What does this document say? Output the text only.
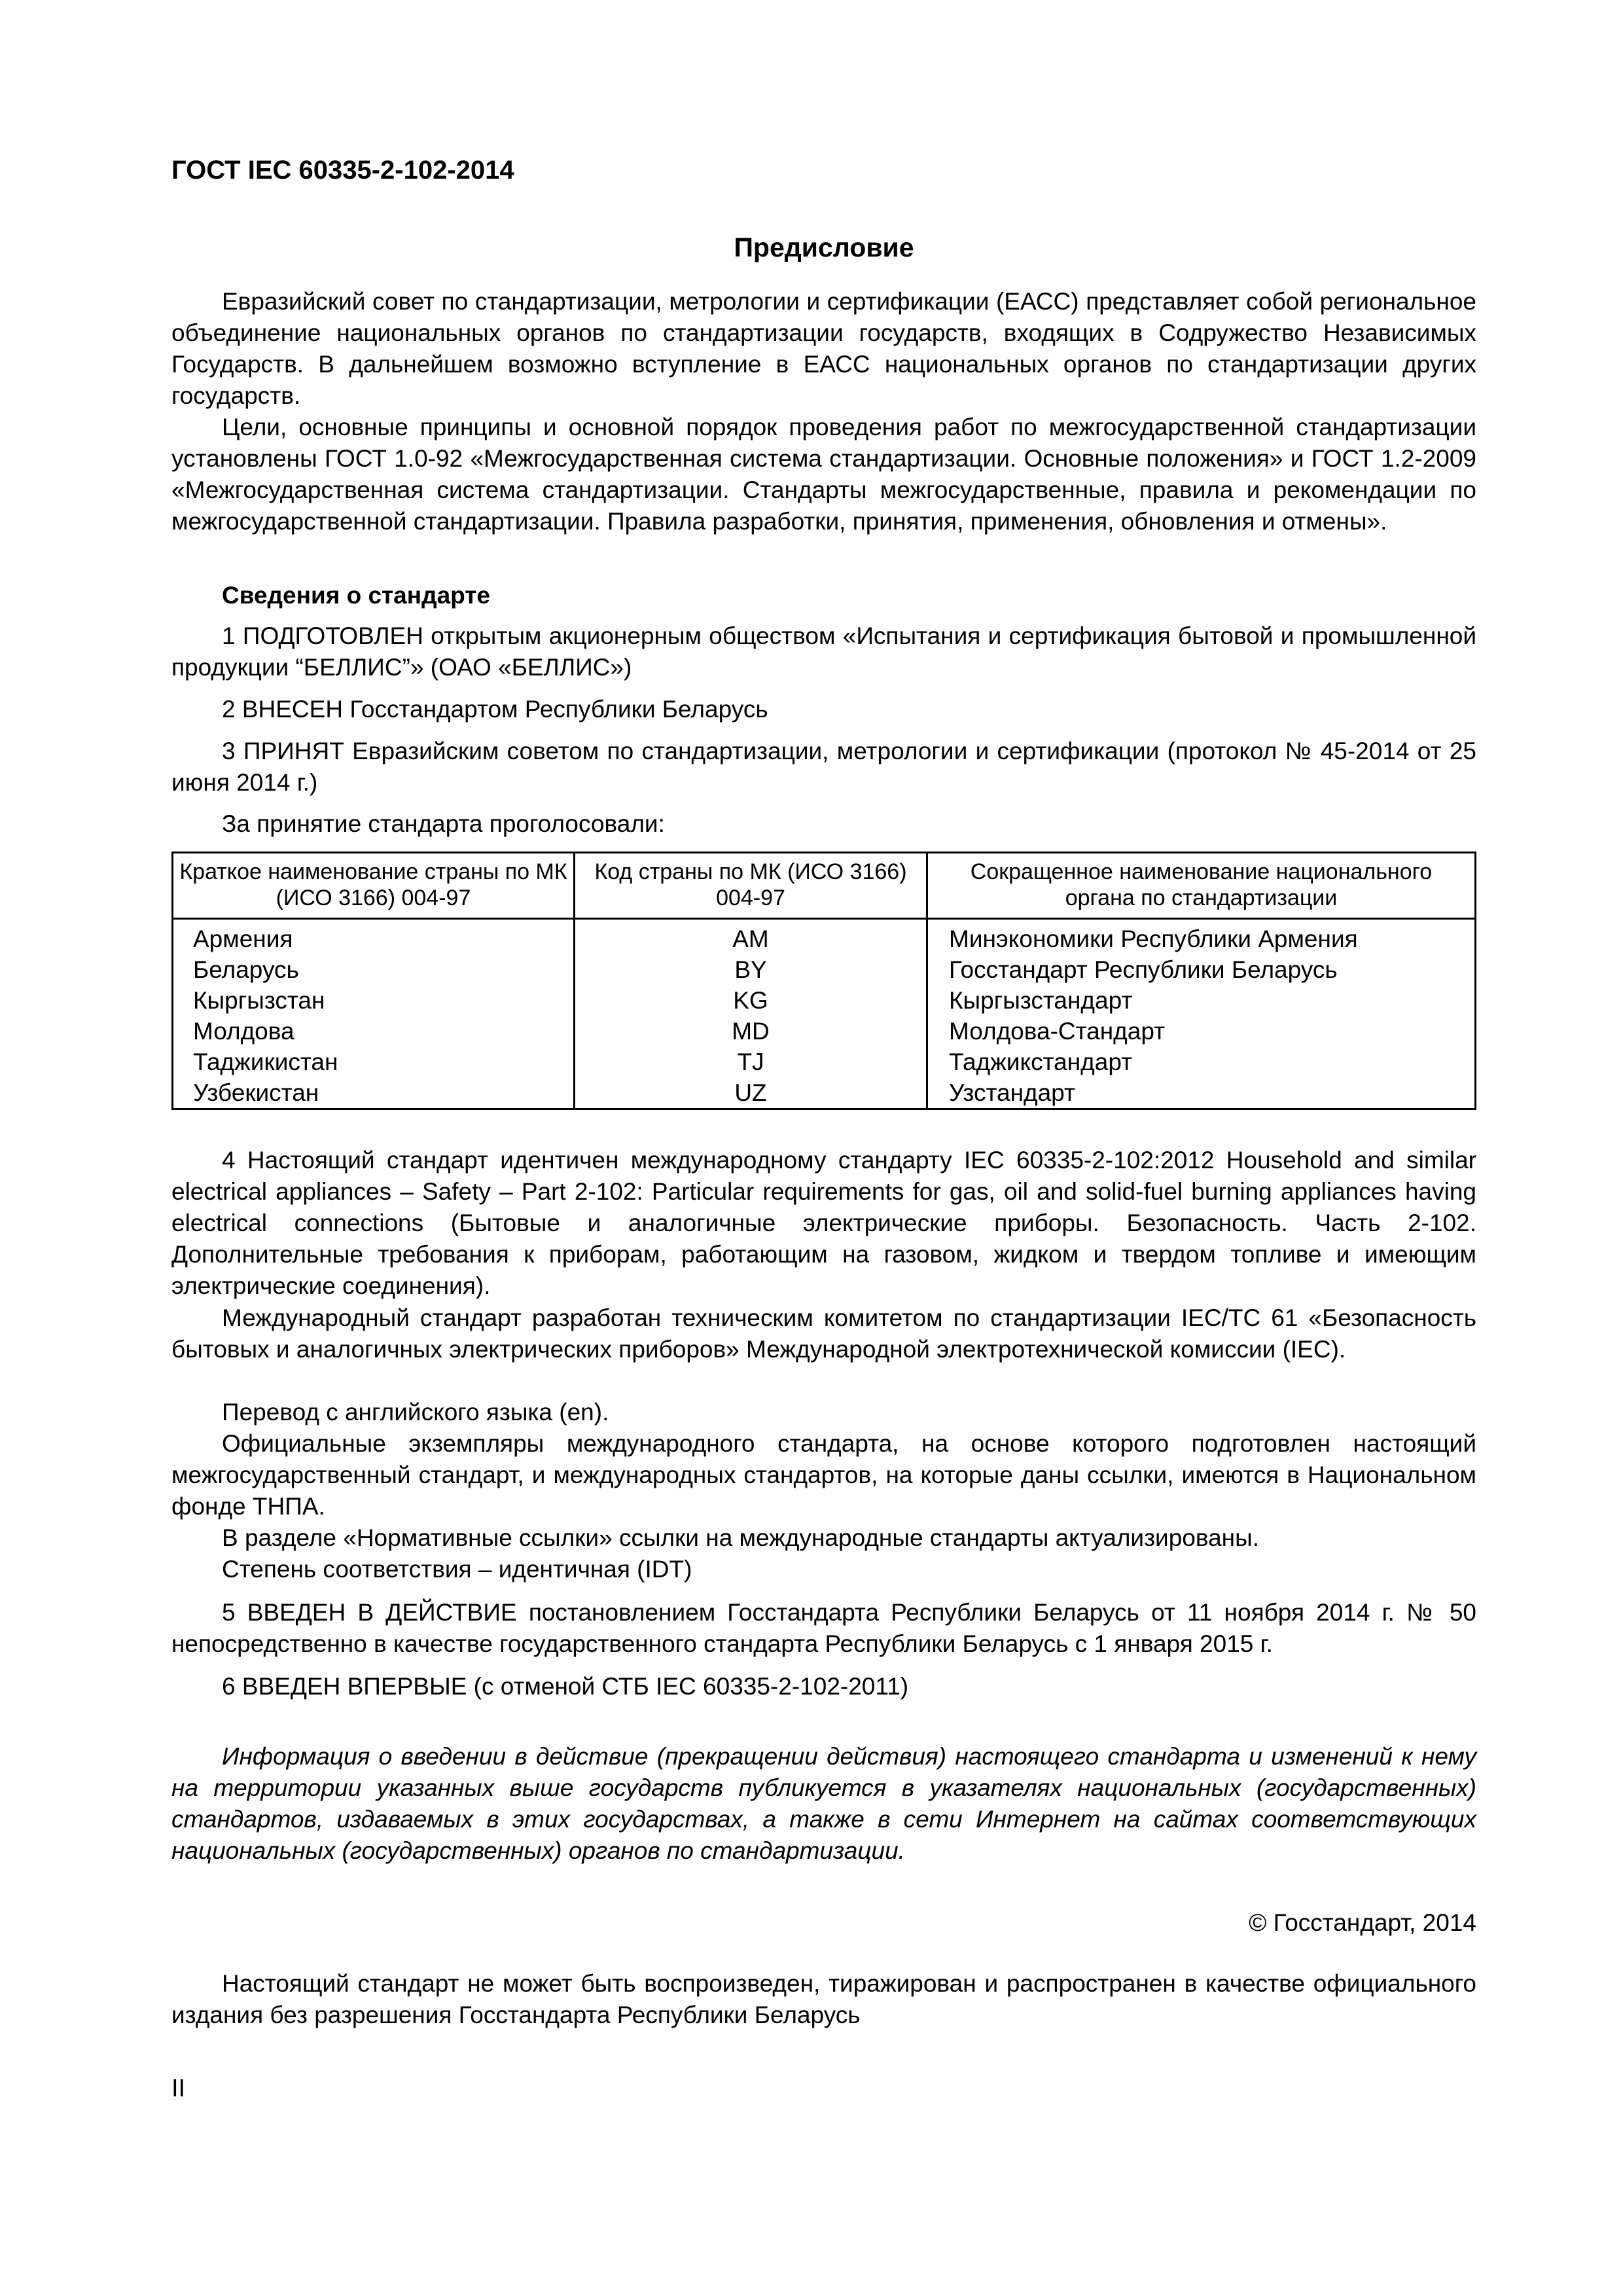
ГОСТ IEC 60335-2-102-2014
Предисловие

Евразийский совет по стандартизации, метрологии и сертификации (ЕАСС) представляет собой региональное объединение национальных органов по стандартизации государств, входящих в Содружество Независимых Государств. В дальнейшем возможно вступление в ЕАСС национальных органов по стандартизации других государств.

Цели, основные принципы и основной порядок проведения работ по межгосударственной стандартизации установлены ГОСТ 1.0-92 «Межгосударственная система стандартизации. Основные положения» и ГОСТ 1.2-2009 «Межгосударственная система стандартизации. Стандарты межгосударственные, правила и рекомендации по межгосударственной стандартизации. Правила разработки, принятия, применения, обновления и отмены».

Сведения о стандарте

1 ПОДГОТОВЛЕН открытым акционерным обществом «Испытания и сертификация бытовой и промышленной продукции “БЕЛЛИС”» (ОАО «БЕЛЛИС»)

2 ВНЕСЕН Госстандартом Республики Беларусь

3 ПРИНЯТ Евразийским советом по стандартизации, метрологии и сертификации (протокол № 45-2014 от 25 июня 2014 г.)

За принятие стандарта проголосовали:

Краткое наименование страны по МК (ИСО 3166) 004-97	Код страны по МК (ИСО 3166) 004-97	Сокращенное наименование национального органа по стандартизации
Армения	AM	Минэкономики Республики Армения
Беларусь	BY	Госстандарт Республики Беларусь
Кыргызстан	KG	Кыргызстандарт
Молдова	MD	Молдова-Стандарт
Таджикистан	TJ	Таджикстандарт
Узбекистан	UZ	Узстандарт

4 Настоящий стандарт идентичен международному стандарту IEC 60335-2-102:2012 Household and similar electrical appliances – Safety – Part 2-102: Particular requirements for gas, oil and solid-fuel burning appliances having electrical connections (Бытовые и аналогичные электрические приборы. Безопасность. Часть 2-102. Дополнительные требования к приборам, работающим на газовом, жидком и твердом топливе и имеющим электрические соединения).

Международный стандарт разработан техническим комитетом по стандартизации IEC/TC 61 «Безопасность бытовых и аналогичных электрических приборов» Международной электротехнической комиссии (IEC).

Перевод с английского языка (en).

Официальные экземпляры международного стандарта, на основе которого подготовлен настоящий межгосударственный стандарт, и международных стандартов, на которые даны ссылки, имеются в Национальном фонде ТНПА.

В разделе «Нормативные ссылки» ссылки на международные стандарты актуализированы.

Степень соответствия – идентичная (IDT)

5 ВВЕДЕН В ДЕЙСТВИЕ постановлением Госстандарта Республики Беларусь от 11 ноября 2014 г. № 50 непосредственно в качестве государственного стандарта Республики Беларусь с 1 января 2015 г.

6 ВВЕДЕН ВПЕРВЫЕ (с отменой СТБ IEC 60335-2-102-2011)

Информация о введении в действие (прекращении действия) настоящего стандарта и изменений к нему на территории указанных выше государств публикуется в указателях национальных (государственных) стандартов, издаваемых в этих государствах, а также в сети Интернет на сайтах соответствующих национальных (государственных) органов по стандартизации.

© Госстандарт, 2014

Настоящий стандарт не может быть воспроизведен, тиражирован и распространен в качестве официального издания без разрешения Госстандарта Республики Беларусь

II
